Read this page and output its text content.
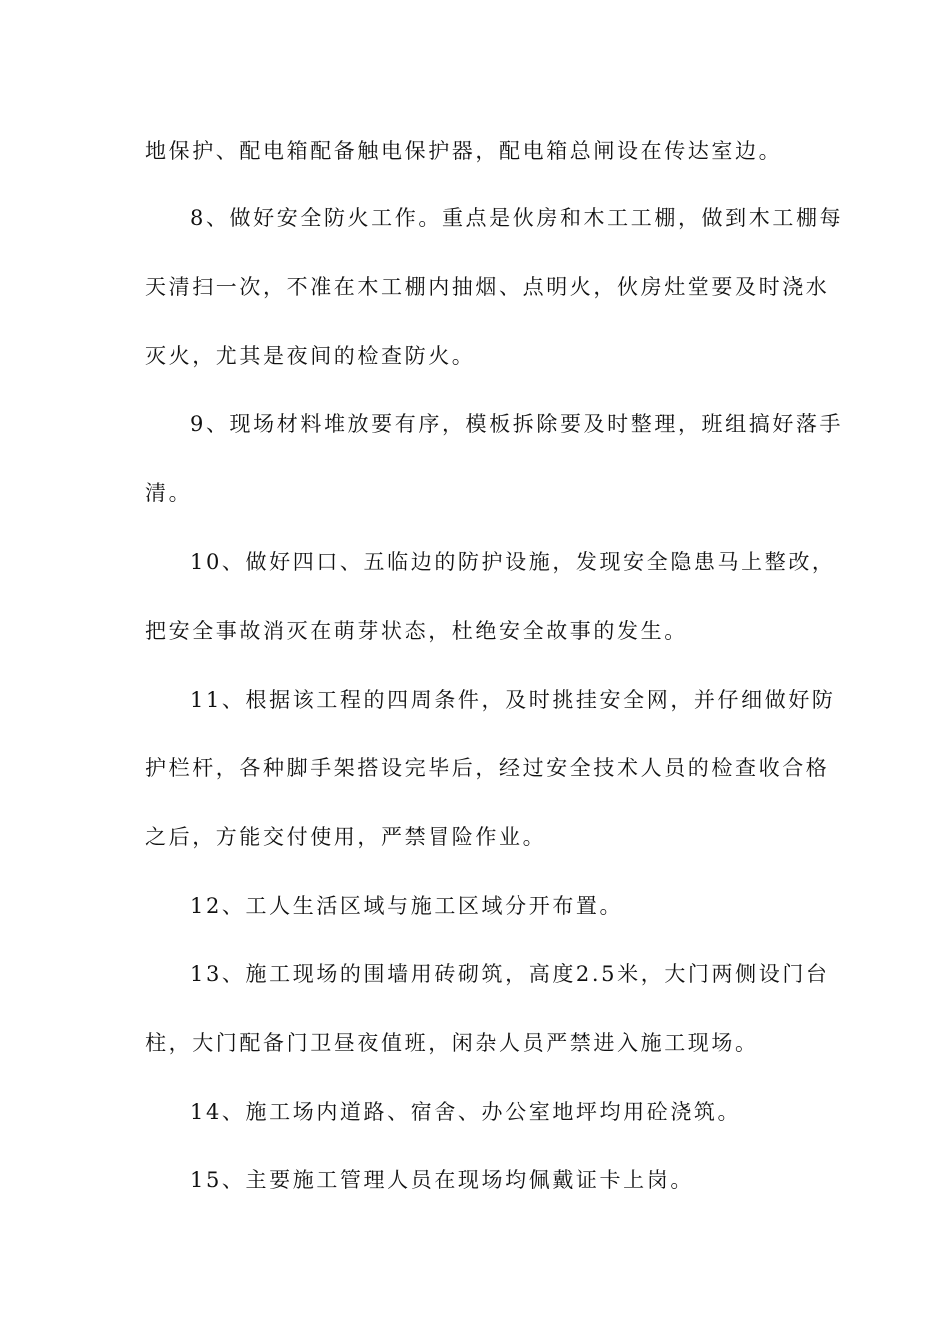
地保护、配电箱配备触电保护器，配电箱总闸设在传达室边。
8、做好安全防火工作。重点是伙房和木工工棚，做到木工棚每
天清扫一次，不准在木工棚内抽烟、点明火，伙房灶堂要及时浇水
灭火，尤其是夜间的检查防火。
9、现场材料堆放要有序，模板拆除要及时整理，班组搞好落手
清。
10、做好四口、五临边的防护设施，发现安全隐患马上整改，
把安全事故消灭在萌芽状态，杜绝安全故事的发生。
11、根据该工程的四周条件，及时挑挂安全网，并仔细做好防
护栏杆，各种脚手架搭设完毕后，经过安全技术人员的检查收合格
之后，方能交付使用，严禁冒险作业。
12、工人生活区域与施工区域分开布置。
13、施工现场的围墙用砖砌筑，高度2.5米，大门两侧设门台
柱，大门配备门卫昼夜值班，闲杂人员严禁进入施工现场。
14、施工场内道路、宿舍、办公室地坪均用砼浇筑。
15、主要施工管理人员在现场均佩戴证卡上岗。
